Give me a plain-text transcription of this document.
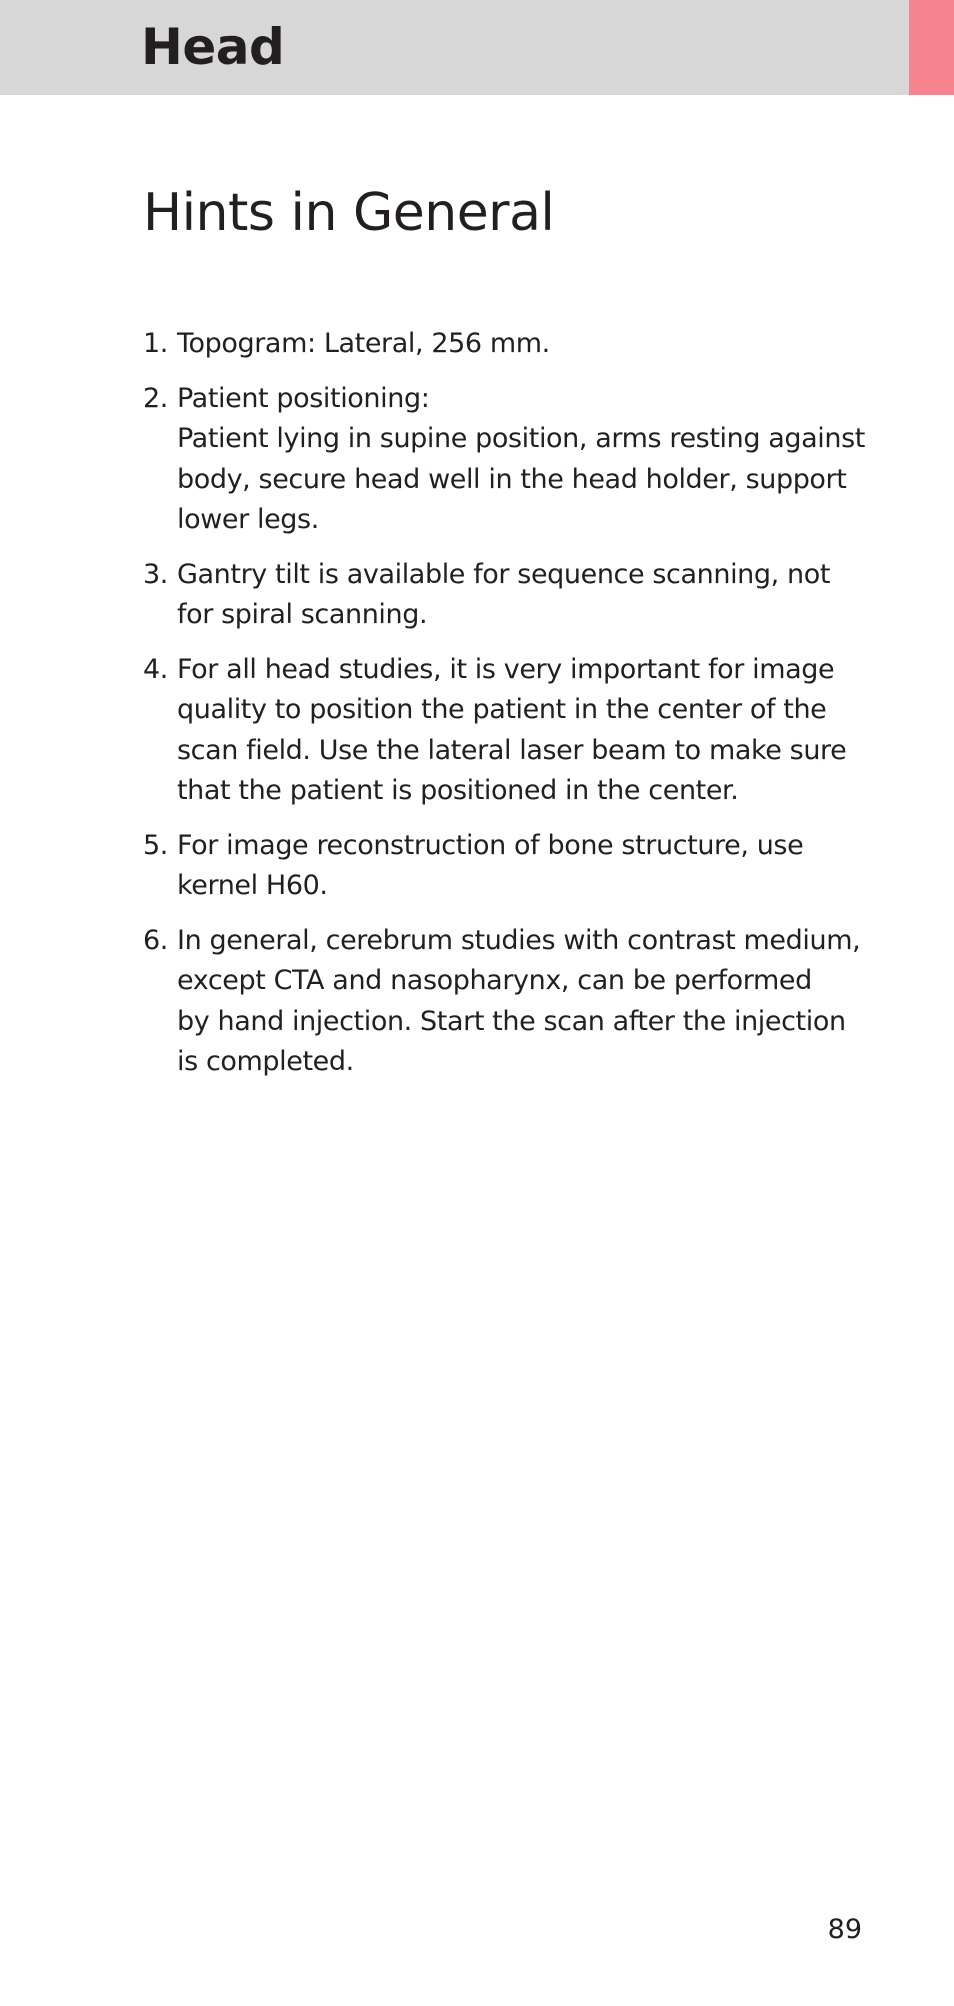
Head
Hints in General
1. Topogram: Lateral, 256 mm.
2. Patient positioning:
Patient lying in supine position, arms resting against
body, secure head well in the head holder, support
lower legs.
3. Gantry tilt is available for sequence scanning, not
for spiral scanning.
4. For all head studies, it is very important for image
quality to position the patient in the center of the
scan field. Use the lateral laser beam to make sure
that the patient is positioned in the center.
5. For image reconstruction of bone structure, use
kernel H60.
6. In general, cerebrum studies with contrast medium,
except CTA and nasopharynx, can be performed
by hand injection. Start the scan after the injection
is completed.

89
